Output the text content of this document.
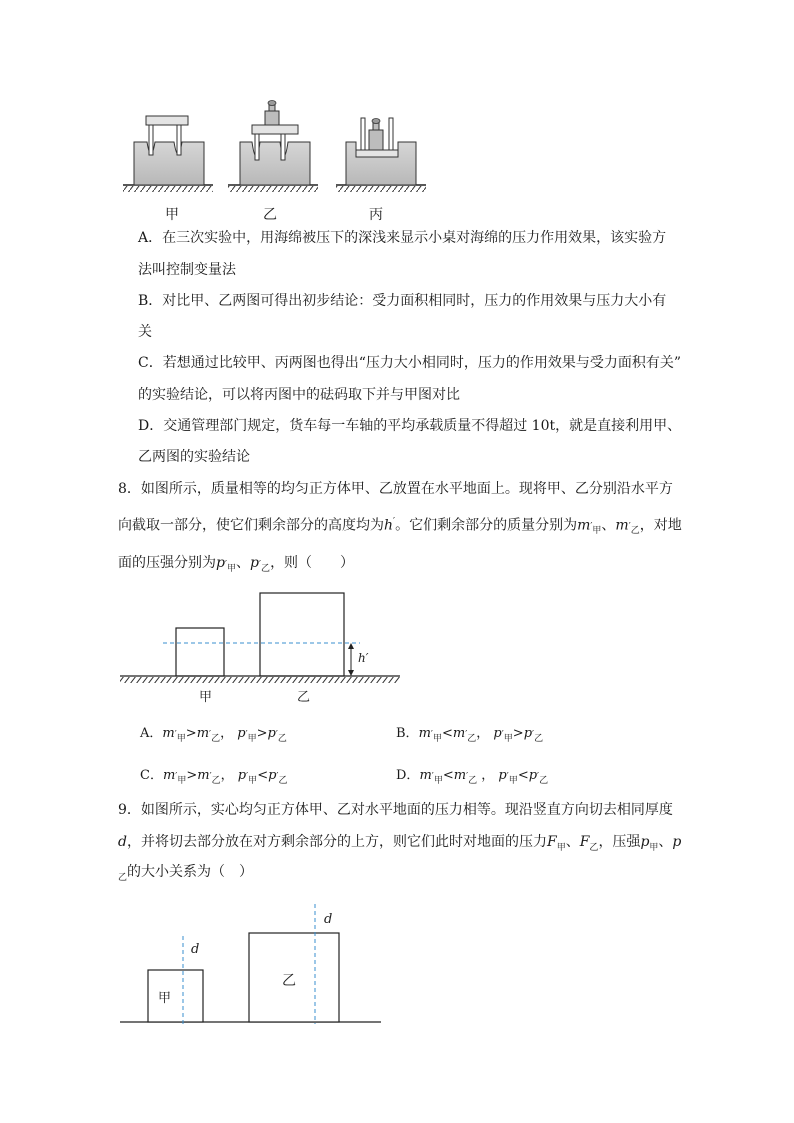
甲	乙	丙
A．在三次实验中，用海绵被压下的深浅来显示小桌对海绵的压力作用效果，该实验方
法叫控制变量法
B．对比甲、乙两图可得出初步结论：受力面积相同时，压力的作用效果与压力大小有
关
C．若想通过比较甲、丙两图也得出“压力大小相同时，压力的作用效果与受力面积有关”
的实验结论，可以将丙图中的砝码取下并与甲图对比
D．交通管理部门规定，货车每一车轴的平均承载质量不得超过 10t，就是直接利用甲、
乙两图的实验结论
8．如图所示，质量相等的均匀正方体甲、乙放置在水平地面上。现将甲、乙分别沿水平方
向截取一部分，使它们剩余部分的高度均为h′。它们剩余部分的质量分别为$m_{'甲}$、$m_{'乙}$，对地
面的压强分别为$p_{'甲}$、$p_{'乙}$，则（　　）
h′
甲	乙
A．$m_{'甲}>m_{'乙}$， $p_{'甲}>p_{'乙}$	B．$m_{'甲}<m_{'乙}$， $p_{'甲}>p_{'乙}$
C．$m_{'甲}>m_{'乙}$， $p_{'甲}<p_{'乙}$	D．$m_{'甲}<m_{'乙}$ ， $p_{'甲}<p_{'乙}$
9．如图所示，实心均匀正方体甲、乙对水平地面的压力相等。现沿竖直方向切去相同厚度
d，并将切去部分放在对方剩余部分的上方，则它们此时对地面的压力$F_甲$、$F_乙$，压强$p_甲$、p
$_乙$的大小关系为（　）
d
d
甲
乙
